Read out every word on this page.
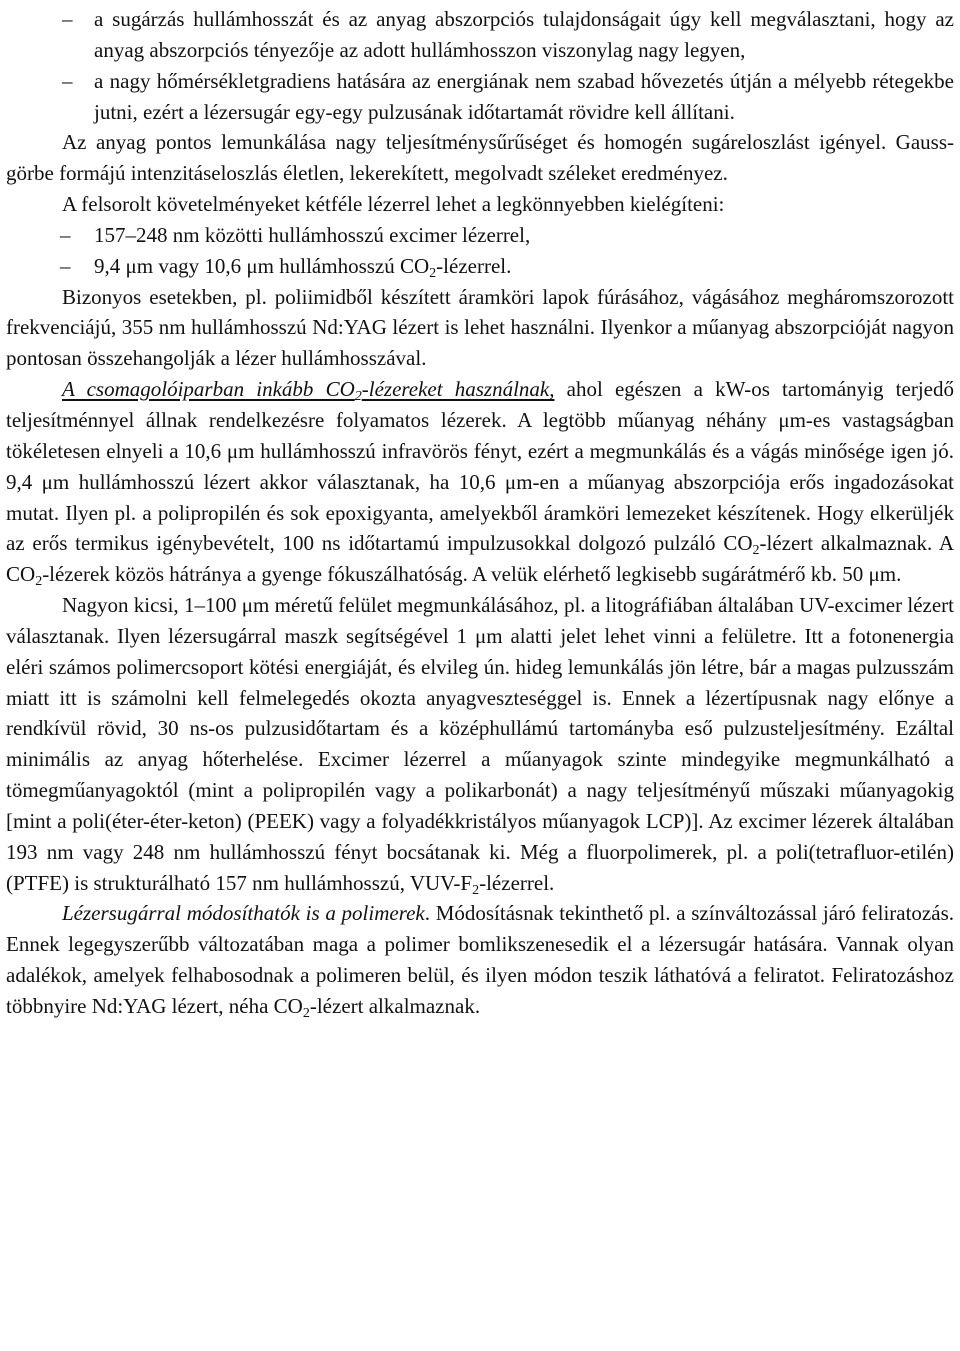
– a sugárzás hullámhosszát és az anyag abszorpciós tulajdonságait úgy kell megválasztani, hogy az anyag abszorpciós tényezője az adott hullámhosszon viszonylag nagy legyen,

– a nagy hőmérsékletgradiens hatására az energiának nem szabad hővezetés útján a mélyebb rétegekbe jutni, ezért a lézersugár egy-egy pulzusának időtartamát rövidre kell állítani.

Az anyag pontos lemunkálása nagy teljesítménysűrűséget és homogén sugáreloszlást igényel. Gauss-görbe formájú intenzitáseloszlás életlen, lekerekített, megolvadt széleket eredményez.

A felsorolt követelményeket kétféle lézerrel lehet a legkönnyebben kielégíteni:

– 157–248 nm közötti hullámhosszú excimer lézerrel,

– 9,4 μm vagy 10,6 μm hullámhosszú $CO_2$-lézerrel.

Bizonyos esetekben, pl. poliimidből készített áramköri lapok fúrásához, vágásához megháromszorozott frekvenciájú, 355 nm hullámhosszú Nd:YAG lézert is lehet használni. Ilyenkor a műanyag abszorpcióját nagyon pontosan összehangolják a lézer hullámhosszával.

A csomagolóiparban inkább $CO_2$-lézereket használnak, ahol egészen a kW-os tartományig terjedő teljesítménnyel állnak rendelkezésre folyamatos lézerek. A legtöbb műanyag néhány μm-es vastagságban tökéletesen elnyeli a 10,6 μm hullámhosszú infravörös fényt, ezért a megmunkálás és a vágás minősége igen jó. 9,4 μm hullámhosszú lézert akkor választanak, ha 10,6 μm-en a műanyag abszorpciója erős ingadozásokat mutat. Ilyen pl. a polipropilén és sok epoxigyanta, amelyekből áramköri lemezeket készítenek. Hogy elkerüljék az erős termikus igénybevételt, 100 ns időtartamú impulzusokkal dolgozó pulzáló $CO_2$-lézert alkalmaznak. A $CO_2$-lézerek közös hátránya a gyenge fókuszálhatóság. A velük elérhető legkisebb sugárátmérő kb. 50 μm.

Nagyon kicsi, 1–100 μm méretű felület megmunkálásához, pl. a litográfiában általában UV-excimer lézert választanak. Ilyen lézersugárral maszk segítségével 1 μm alatti jelet lehet vinni a felületre. Itt a fotonenergia eléri számos polimercsoport kötési energiáját, és elvileg ún. hideg lemunkálás jön létre, bár a magas pulzusszám miatt itt is számolni kell felmelegedés okozta anyagveszteséggel is. Ennek a lézertípusnak nagy előnye a rendkívül rövid, 30 ns-os pulzusidőtartam és a középhullámú tartományba eső pulzusteljesítmény. Ezáltal minimális az anyag hőterhelése. Excimer lézerrel a műanyagok szinte mindegyike megmunkálható a tömegműanyagoktól (mint a polipropilén vagy a polikarbonát) a nagy teljesítményű műszaki műanyagokig [mint a poli(éter-éter-keton) (PEEK) vagy a folyadékkristályos műanyagok LCP)]. Az excimer lézerek általában 193 nm vagy 248 nm hullámhosszú fényt bocsátanak ki. Még a fluorpolimerek, pl. a poli(tetrafluor-etilén) (PTFE) is strukturálható 157 nm hullámhosszú, VUV-$F_2$-lézerrel.

Lézersugárral módosíthatók is a polimerek. Módosításnak tekinthető pl. a színváltozással járó feliratozás. Ennek legegyszerűbb változatában maga a polimer bomlikszenesedik el a lézersugár hatására. Vannak olyan adalékok, amelyek felhabosodnak a polimeren belül, és ilyen módon teszik láthatóvá a feliratot. Feliratozáshoz többnyire Nd:YAG lézert, néha $CO_2$-lézert alkalmaznak.
